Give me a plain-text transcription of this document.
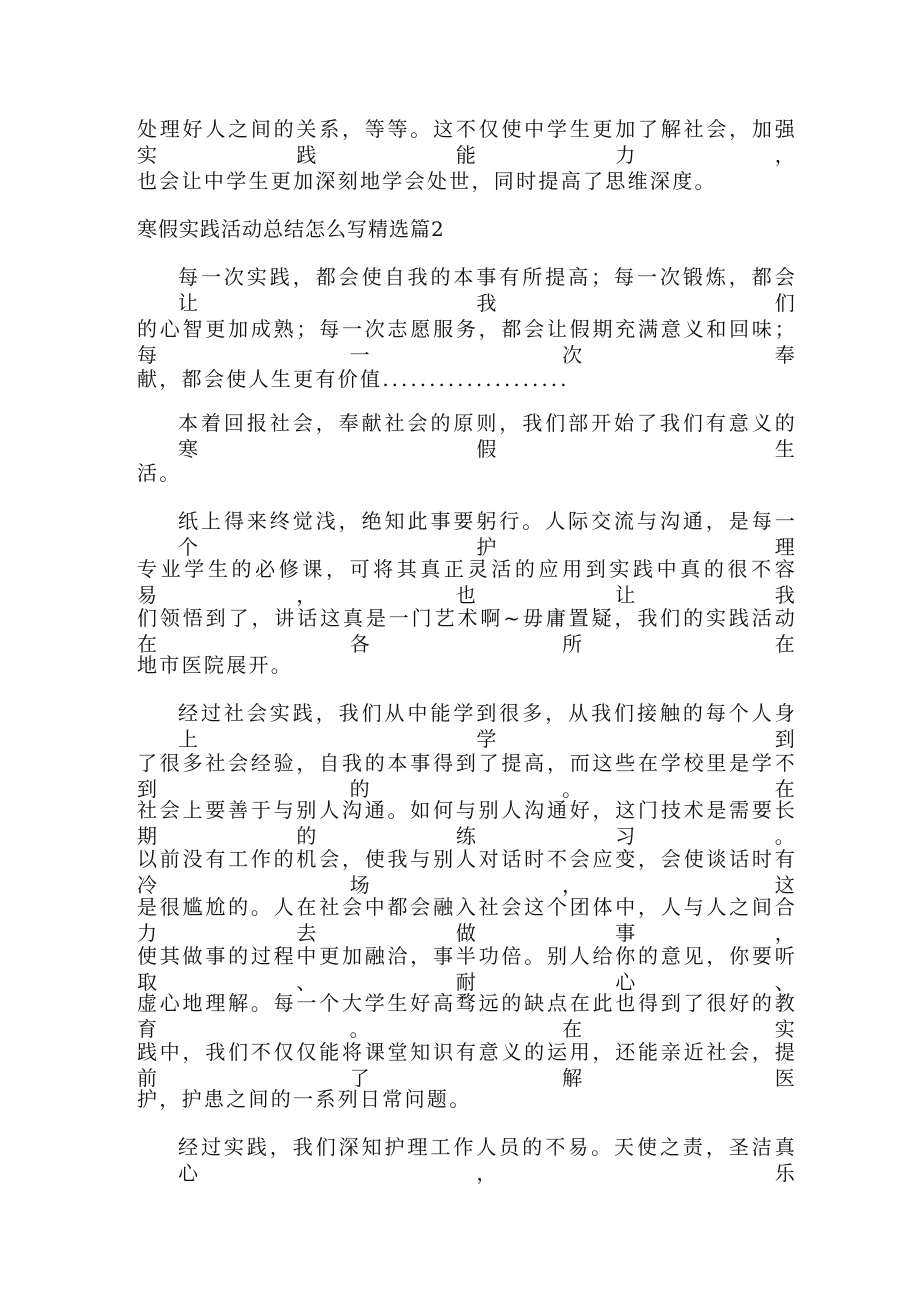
处理好人之间的关系，等等。这不仅使中学生更加了解社会，加强实践能力，
也会让中学生更加深刻地学会处世，同时提高了思维深度。
寒假实践活动总结怎么写精选篇2
每一次实践，都会使自我的本事有所提高；每一次锻炼，都会让我们
的心智更加成熟；每一次志愿服务，都会让假期充满意义和回味；每一次奉
献，都会使人生更有价值....................
本着回报社会，奉献社会的原则，我们部开始了我们有意义的寒假生
活。
纸上得来终觉浅，绝知此事要躬行。人际交流与沟通，是每一个护理
专业学生的必修课，可将其真正灵活的应用到实践中真的很不容易，也让我
们领悟到了，讲话这真是一门艺术啊~毋庸置疑，我们的实践活动在各所在
地市医院展开。
经过社会实践，我们从中能学到很多，从我们接触的每个人身上学到
了很多社会经验，自我的本事得到了提高，而这些在学校里是学不到的。在
社会上要善于与别人沟通。如何与别人沟通好，这门技术是需要长期的练习。
以前没有工作的机会，使我与别人对话时不会应变，会使谈话时有冷场，这
是很尴尬的。人在社会中都会融入社会这个团体中，人与人之间合力去做事，
使其做事的过程中更加融洽，事半功倍。别人给你的意见，你要听取、耐心、
虚心地理解。每一个大学生好高骛远的缺点在此也得到了很好的教育。在实
践中，我们不仅仅能将课堂知识有意义的运用，还能亲近社会，提前了解医
护，护患之间的一系列日常问题。
经过实践，我们深知护理工作人员的不易。天使之责，圣洁真心，乐
